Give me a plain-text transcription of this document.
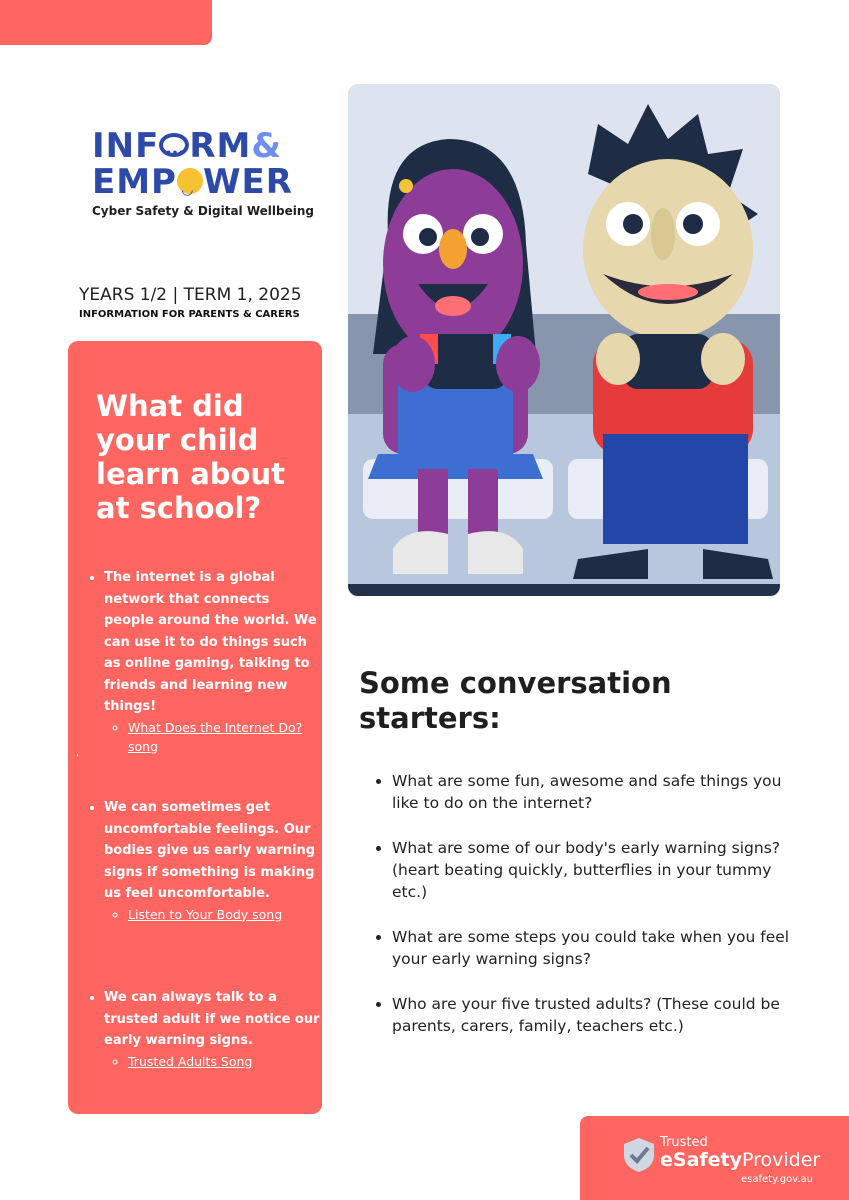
INF ••• RM&
EMP ◡ WER
Cyber Safety & Digital Wellbeing
YEARS 1/2 | TERM 1, 2025
INFORMATION FOR PARENTS & CARERS
What did your child learn about at school?
• The internet is a global network that connects people around the world. We can use it to do things such as online gaming, talking to friends and learning new things!
◦ What Does the Internet Do? song
'
• We can sometimes get uncomfortable feelings. Our bodies give us early warning signs if something is making us feel uncomfortable.
◦ Listen to Your Body song
• We can always talk to a trusted adult if we notice our early warning signs.
◦ Trusted Adults Song
Some conversation starters:
• What are some fun, awesome and safe things you like to do on the internet?
• What are some of our body's early warning signs? (heart beating quickly, butterflies in your tummy etc.)
• What are some steps you could take when you feel your early warning signs?
• Who are your five trusted adults? (These could be parents, carers, family, teachers etc.)
Trusted
eSafetyProvider
esafety.gov.au
